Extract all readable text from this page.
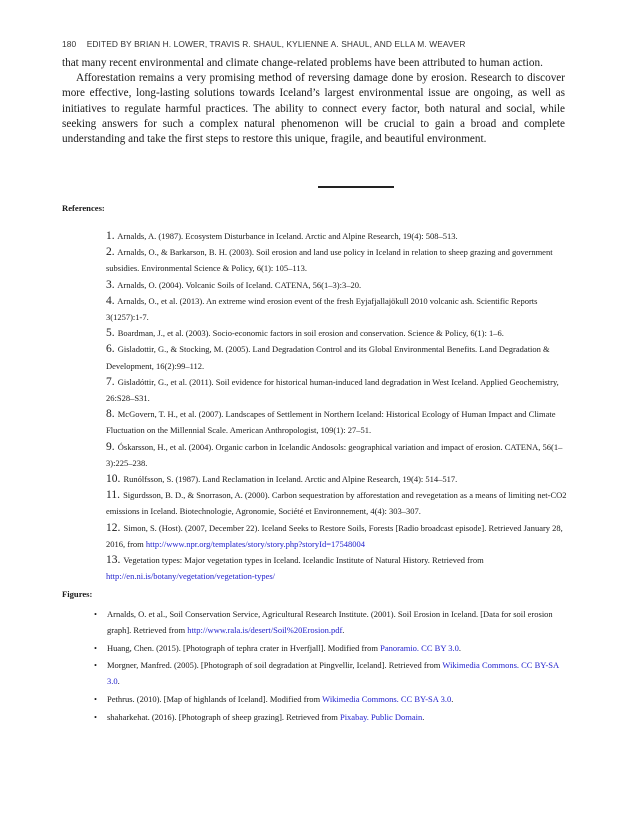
180 EDITED BY BRIAN H. LOWER, TRAVIS R. SHAUL, KYLIENNE A. SHAUL, AND ELLA M. WEAVER

that many recent environmental and climate change-related problems have been attributed to human action.

Afforestation remains a very promising method of reversing damage done by erosion. Research to discover more effective, long-lasting solutions towards Iceland’s largest environmental issue are ongoing, as well as initiatives to regulate harmful practices. The ability to connect every factor, both natural and social, while seeking answers for such a complex natural phenomenon will be crucial to gain a broad and complete understanding and take the first steps to restore this unique, fragile, and beautiful environment.

References:
1. Arnalds, A. (1987). Ecosystem Disturbance in Iceland. Arctic and Alpine Research, 19(4): 508–513.
2. Arnalds, O., & Barkarson, B. H. (2003). Soil erosion and land use policy in Iceland in relation to sheep grazing and government subsidies. Environmental Science & Policy, 6(1): 105–113.
3. Arnalds, O. (2004). Volcanic Soils of Iceland. CATENA, 56(1–3):3–20.
4. Arnalds, O., et al. (2013). An extreme wind erosion event of the fresh Eyjafjallajökull 2010 volcanic ash. Scientific Reports 3(1257):1-7.
5. Boardman, J., et al. (2003). Socio-economic factors in soil erosion and conservation. Science & Policy, 6(1): 1–6.
6. Gisladottir, G., & Stocking, M. (2005). Land Degradation Control and its Global Environmental Benefits. Land Degradation & Development, 16(2):99–112.
7. Gisladóttir, G., et al. (2011). Soil evidence for historical human-induced land degradation in West Iceland. Applied Geochemistry, 26:S28–S31.
8. McGovern, T. H., et al. (2007). Landscapes of Settlement in Northern Iceland: Historical Ecology of Human Impact and Climate Fluctuation on the Millennial Scale. American Anthropologist, 109(1): 27–51.
9. Óskarsson, H., et al. (2004). Organic carbon in Icelandic Andosols: geographical variation and impact of erosion. CATENA, 56(1–3):225–238.
10. Runólfsson, S. (1987). Land Reclamation in Iceland. Arctic and Alpine Research, 19(4): 514–517.
11. Sigurdsson, B. D., & Snorrason, A. (2000). Carbon sequestration by afforestation and revegetation as a means of limiting net-CO2 emissions in Iceland. Biotechnologie, Agronomie, Société et Environnement, 4(4): 303–307.
12. Simon, S. (Host). (2007, December 22). Iceland Seeks to Restore Soils, Forests [Radio broadcast episode]. Retrieved January 28, 2016, from http://www.npr.org/templates/story/story.php?storyId=17548004
13. Vegetation types: Major vegetation types in Iceland. Icelandic Institute of Natural History. Retrieved from http://en.ni.is/botany/vegetation/vegetation-types/
Figures:
• Arnalds, O. et al., Soil Conservation Service, Agricultural Research Institute. (2001). Soil Erosion in Iceland. [Data for soil erosion graph]. Retrieved from http://www.rala.is/desert/Soil%20Erosion.pdf.
• Huang, Chen. (2015). [Photograph of tephra crater in Hverfjall]. Modified from Panoramio. CC BY 3.0.
• Morgner, Manfred. (2005). [Photograph of soil degradation at Pingvellir, Iceland]. Retrieved from Wikimedia Commons. CC BY-SA 3.0.
• Pethrus. (2010). [Map of highlands of Iceland]. Modified from Wikimedia Commons. CC BY-SA 3.0.
• shaharkehat. (2016). [Photograph of sheep grazing]. Retrieved from Pixabay. Public Domain.
